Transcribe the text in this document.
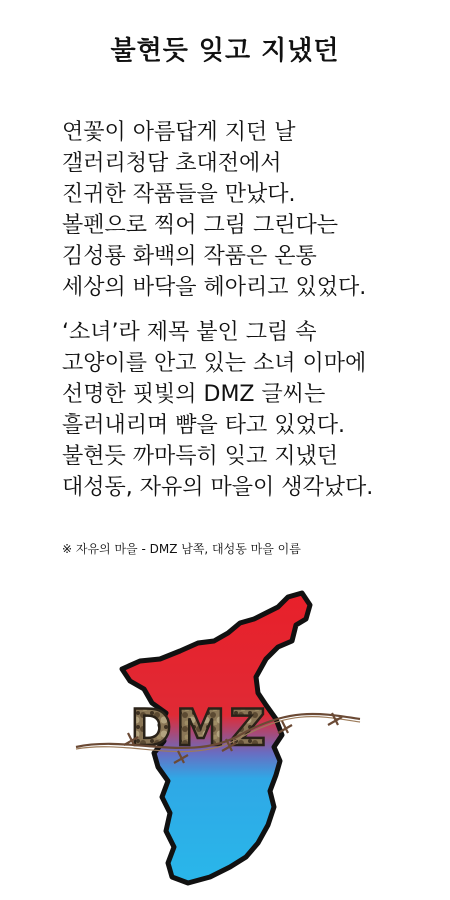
불현듯 잊고 지냈던
연꽃이 아름답게 지던 날
갤러리청담 초대전에서
진귀한 작품들을 만났다.
볼펜으로 찍어 그림 그린다는
김성룡 화백의 작품은 온통
세상의 바닥을 헤아리고 있었다.
‘소녀’라 제목 붙인 그림 속
고양이를 안고 있는 소녀 이마에
선명한 핏빛의 DMZ 글씨는
흘러내리며 뺨을 타고 있었다.
불현듯 까마득히 잊고 지냈던
대성동, 자유의 마을이 생각났다.
※ 자유의 마을 - DMZ 남쪽, 대성동 마을 이름
DMZ
